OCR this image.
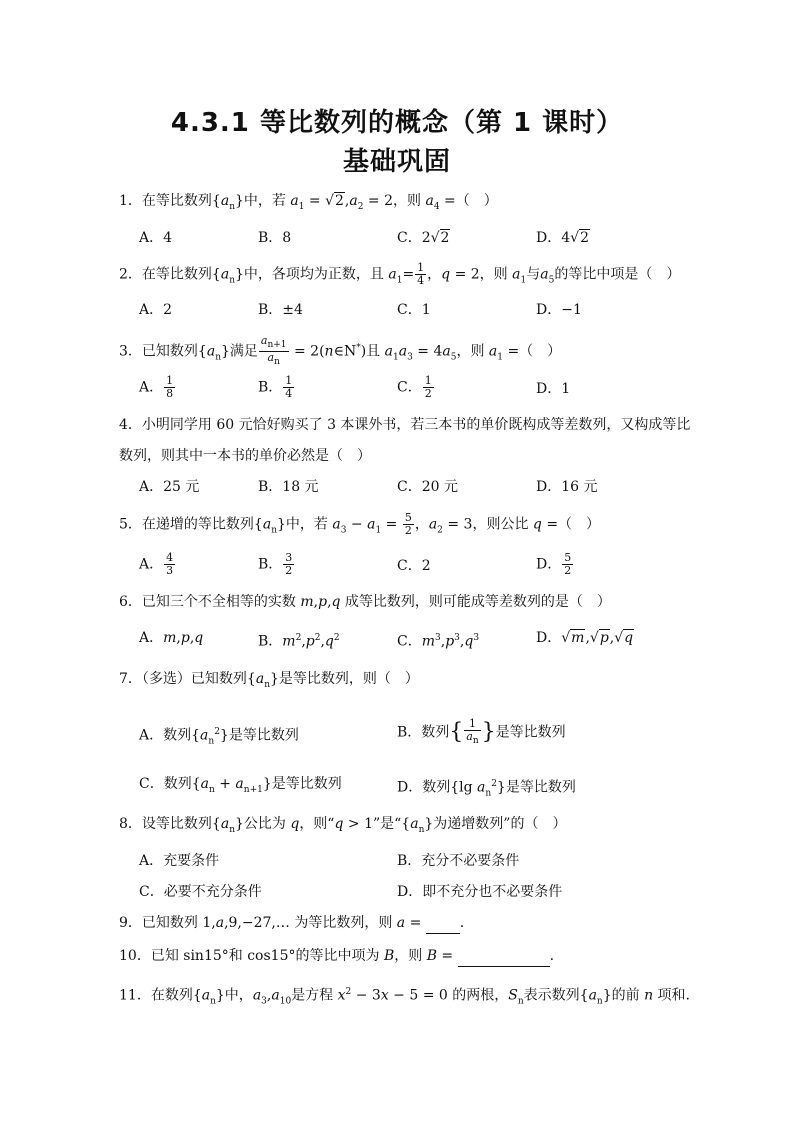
4.3.1 等比数列的概念（第 1 课时）
基础巩固
1．在等比数列$\{a_n\}$中，若 $a_1 = √2,a_2 = 2$，则 $a_4$ =（　）
A．4	B．8	C．2√2	D．4√2
2．在等比数列$\{a_n\}$中，各项均为正数，且 $a_1= \frac{1}{4}$ ，q = 2，则 $a_1$与$a_5$的等比中项是（　）
A．2	B．±4	C．1	D．−1
3．已知数列$\{a_n\}$满足 $\frac{a_{n+1}}{a_n}$ = 2(n∈N*)且 $a_1a_3 = 4a_5$，则 $a_1$ =（　）
A． $\frac{1}{8}$	B． $\frac{1}{4}$	C． $\frac{1}{2}$	D．1
4．小明同学用 60 元恰好购买了 3 本课外书，若三本书的单价既构成等差数列，又构成等比
数列，则其中一本书的单价必然是（　）
A．25 元	B．18 元	C．20 元	D．16 元
5．在递增的等比数列$\{a_n\}$中，若 $a_3 - a_1 = \frac{5}{2}$ ，$a_2 = 3$，则公比 q =（　）
A． $\frac{4}{3}$	B． $\frac{3}{2}$	C．2	D． $\frac{5}{2}$
6．已知三个不全相等的实数 m,p,q 成等比数列，则可能成等差数列的是（　）
A．m,p,q	B．$m^2,p^2,q^2$	C．$m^3,p^3,q^3$	D．√m,√p,√q
7．（多选）已知数列$\{a_n\}$是等比数列，则（　）
A．数列$\{a_n^2\}$是等比数列	B．数列{ $\frac{1}{a_n}$ }是等比数列
C．数列$\{a_n + a_{n+1}\}$是等比数列	D．数列{lg $a_n^2$}是等比数列
8．设等比数列$\{a_n\}$公比为 q，则“q > 1”是“$\{a_n\}$为递增数列”的（　）
A．充要条件	B．充分不必要条件
C．必要不充分条件	D．即不充分也不必要条件
9．已知数列 1,a,9,−27,… 为等比数列，则 a = .
10．已知 sin15°和 cos15°的等比中项为 B，则 B =	.
11．在数列$\{a_n\}$中，$a_3,a_{10}$是方程 $x^2 - 3x - 5 = 0$ 的两根，$S_n$表示数列$\{a_n\}$的前 n 项和.
